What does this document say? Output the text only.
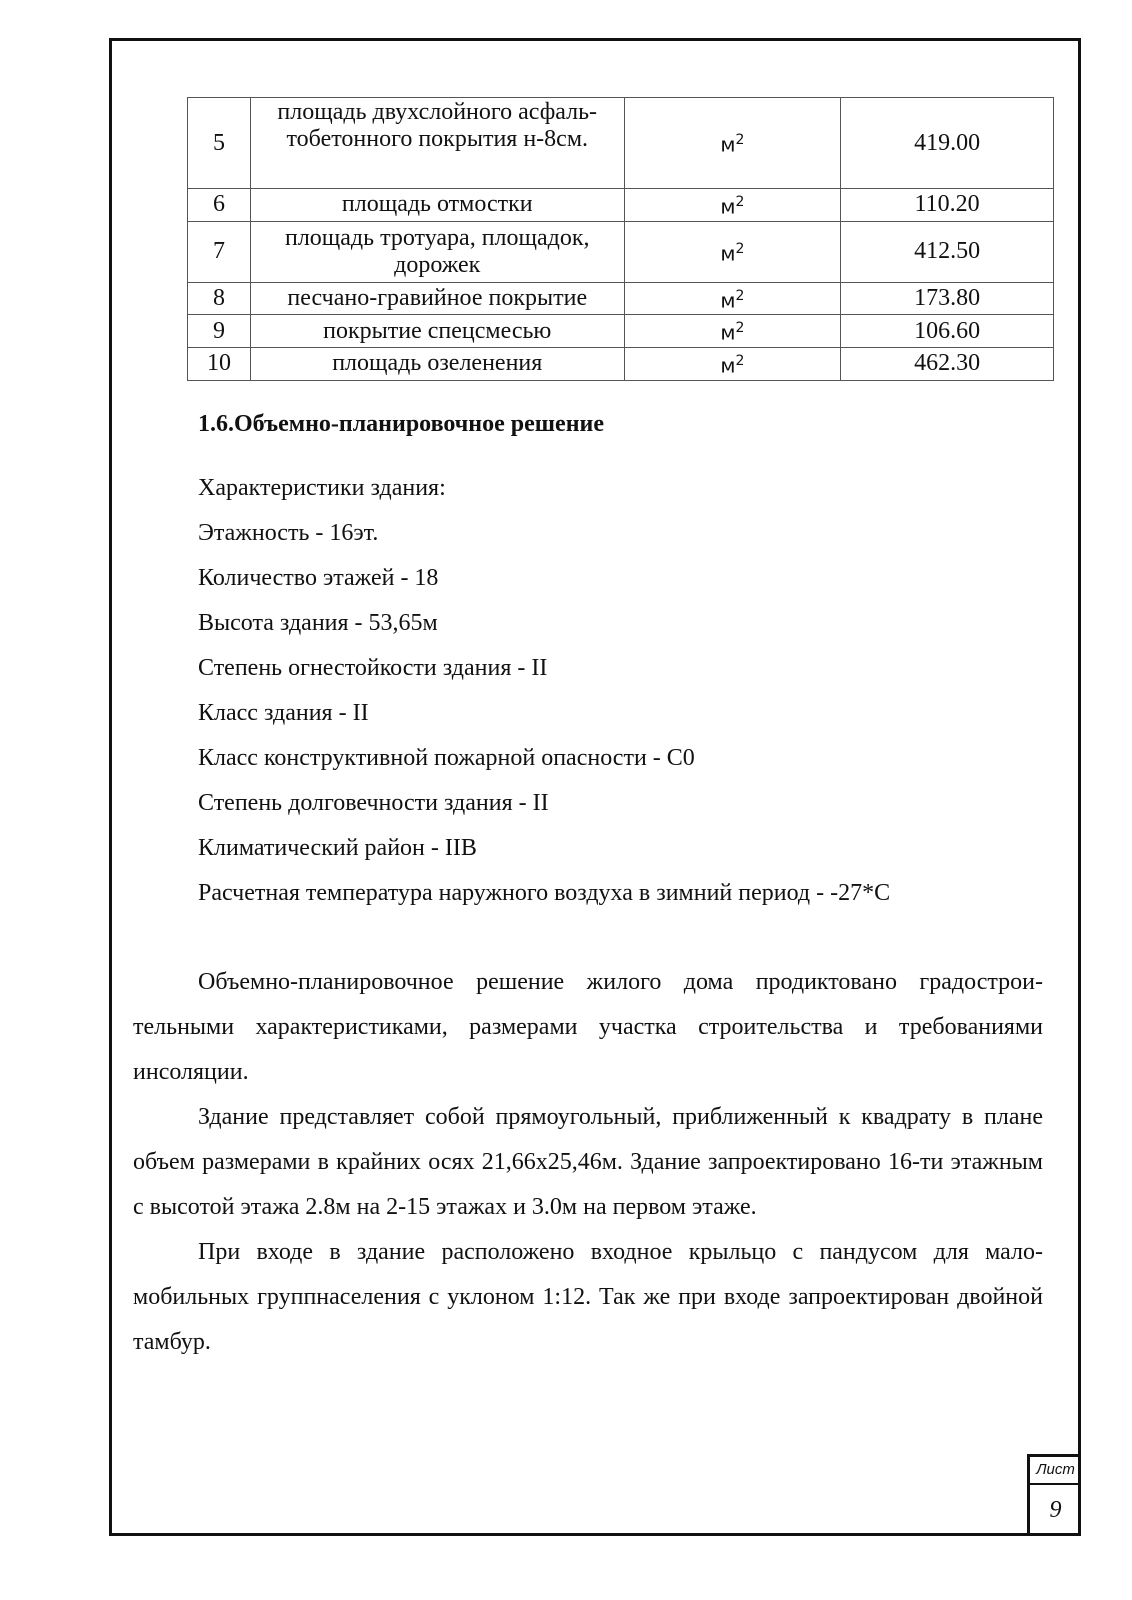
5	площадь двухслойного асфаль-
тобетонного покрытия н-8см.	$м^2$	419.00
6	площадь отмостки	$м^2$	110.20
7	площадь тротуара, площадок,
дорожек	$м^2$	412.50
8	песчано-гравийное покрытие	$м^2$	173.80
9	покрытие спецсмесью	$м^2$	106.60
10	площадь озеленения	$м^2$	462.30
1.6.Объемно-планировочное решение
Характеристики здания:
Этажность - 16эт.
Количество этажей - 18
Высота здания - 53,65м
Степень огнестойкости здания - II
Класс здания - II
Класс конструктивной пожарной опасности - С0
Степень долговечности здания - II
Климатический район - IIВ
Расчетная температура наружного воздуха в зимний период - -27*С

Объемно-планировочное решение жилого дома продиктовано градострои-тельными характеристиками, размерами участка строительства и требованиями инсоляции.

Здание представляет собой прямоугольный, приближенный к квадрату в плане объем размерами в крайних осях 21,66х25,46м. Здание запроектировано 16-ти этажным с высотой этажа 2.8м на 2-15 этажах и 3.0м на первом этаже.

При входе в здание расположено входное крыльцо с пандусом для мало-мобильных группнаселения с уклоном 1:12. Так же при входе запроектирован двойной тамбур.

Лист
9
